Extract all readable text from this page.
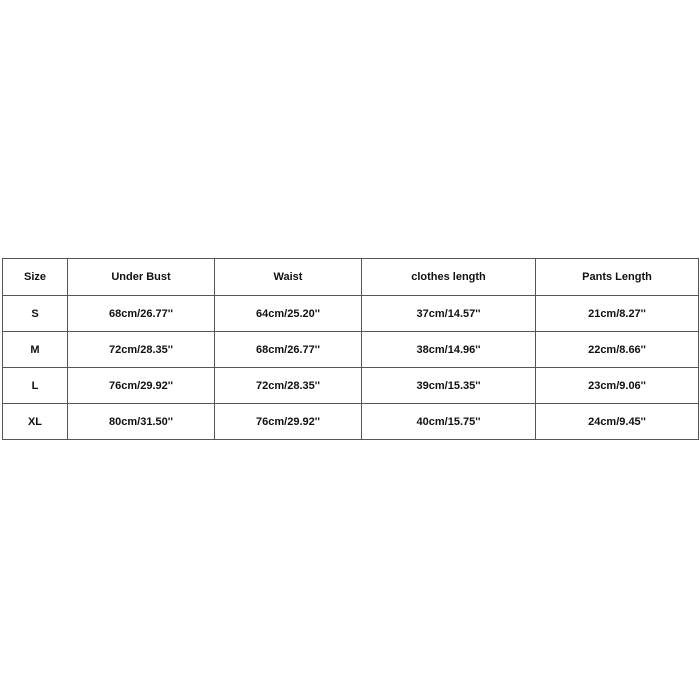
Size	Under Bust	Waist	clothes length	Pants Length
S	68cm/26.77''	64cm/25.20''	37cm/14.57''	21cm/8.27''
M	72cm/28.35''	68cm/26.77''	38cm/14.96''	22cm/8.66''
L	76cm/29.92''	72cm/28.35''	39cm/15.35''	23cm/9.06''
XL	80cm/31.50''	76cm/29.92''	40cm/15.75''	24cm/9.45''
